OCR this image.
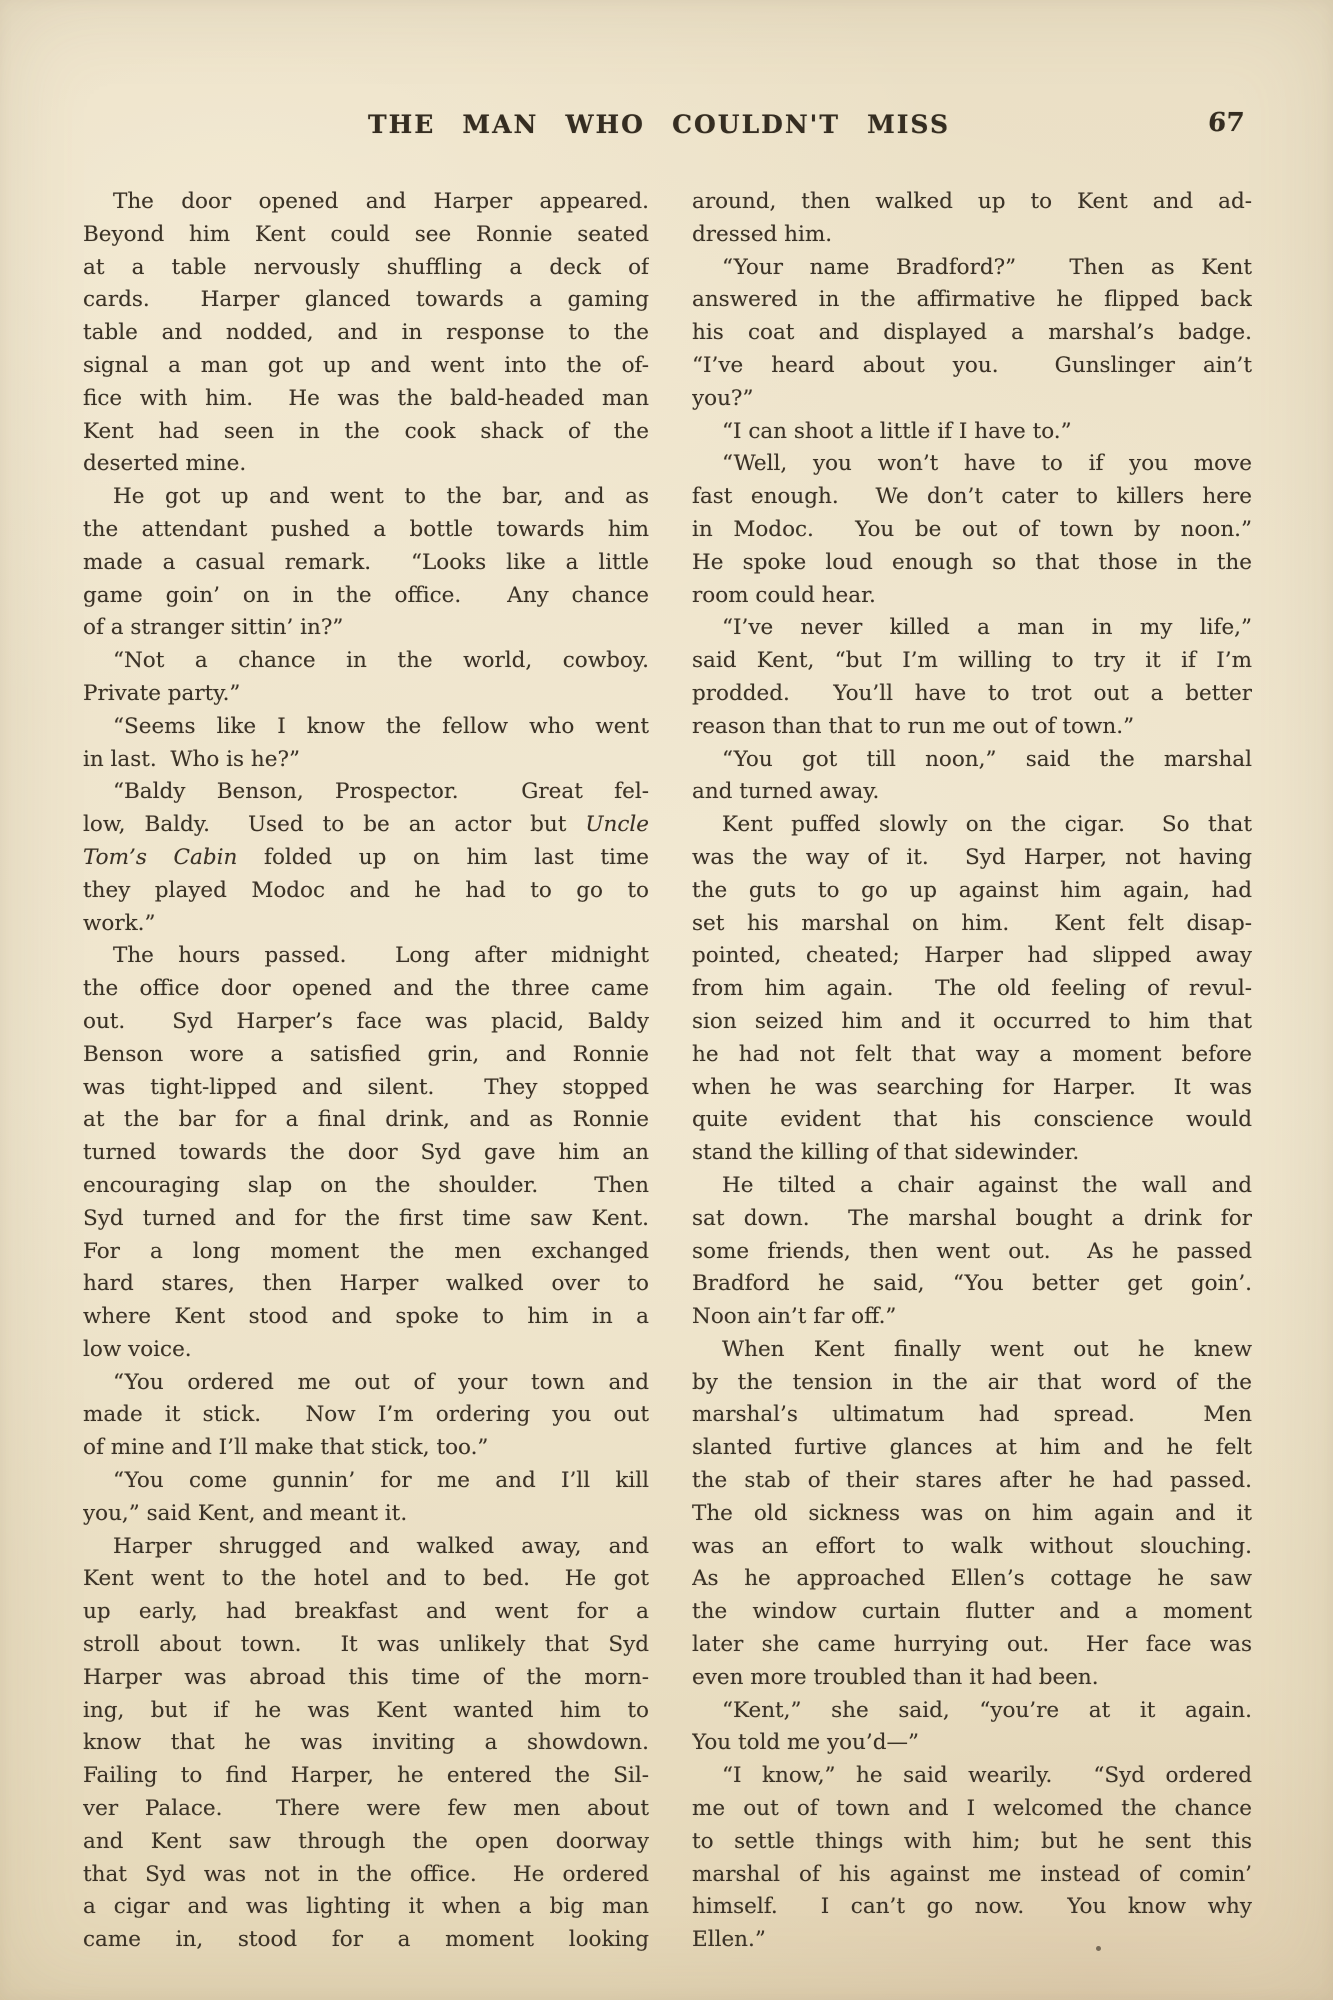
THE MAN WHO COULDN'T MISS	67
The door opened and Harper appeared.
Beyond him Kent could see Ronnie seated
at a table nervously shuffling a deck of
cards.  Harper glanced towards a gaming
table and nodded, and in response to the
signal a man got up and went into the of-
fice with him.  He was the bald-headed man
Kent had seen in the cook shack of the
deserted mine.
He got up and went to the bar, and as
the attendant pushed a bottle towards him
made a casual remark.  “Looks like a little
game goin’ on in the office.  Any chance
of a stranger sittin’ in?”
“Not a chance in the world, cowboy.
Private party.”
“Seems like I know the fellow who went
in last.  Who is he?”
“Baldy Benson, Prospector.  Great fel-
low, Baldy.  Used to be an actor but Uncle
Tom’s Cabin folded up on him last time
they played Modoc and he had to go to
work.”
The hours passed.  Long after midnight
the office door opened and the three came
out.  Syd Harper’s face was placid, Baldy
Benson wore a satisfied grin, and Ronnie
was tight-lipped and silent.  They stopped
at the bar for a final drink, and as Ronnie
turned towards the door Syd gave him an
encouraging slap on the shoulder.  Then
Syd turned and for the first time saw Kent.
For a long moment the men exchanged
hard stares, then Harper walked over to
where Kent stood and spoke to him in a
low voice.
“You ordered me out of your town and
made it stick.  Now I’m ordering you out
of mine and I’ll make that stick, too.”
“You come gunnin’ for me and I’ll kill
you,” said Kent, and meant it.
Harper shrugged and walked away, and
Kent went to the hotel and to bed.  He got
up early, had breakfast and went for a
stroll about town.  It was unlikely that Syd
Harper was abroad this time of the morn-
ing, but if he was Kent wanted him to
know that he was inviting a showdown.
Failing to find Harper, he entered the Sil-
ver Palace.  There were few men about
and Kent saw through the open doorway
that Syd was not in the office.  He ordered
a cigar and was lighting it when a big man
came in, stood for a moment looking
around, then walked up to Kent and ad-
dressed him.
“Your name Bradford?”  Then as Kent
answered in the affirmative he flipped back
his coat and displayed a marshal’s badge.
“I’ve heard about you.  Gunslinger ain’t
you?”
“I can shoot a little if I have to.”
“Well, you won’t have to if you move
fast enough.  We don’t cater to killers here
in Modoc.  You be out of town by noon.”
He spoke loud enough so that those in the
room could hear.
“I’ve never killed a man in my life,”
said Kent, “but I’m willing to try it if I’m
prodded.  You’ll have to trot out a better
reason than that to run me out of town.”
“You got till noon,” said the marshal
and turned away.
Kent puffed slowly on the cigar.  So that
was the way of it.  Syd Harper, not having
the guts to go up against him again, had
set his marshal on him.  Kent felt disap-
pointed, cheated; Harper had slipped away
from him again.  The old feeling of revul-
sion seized him and it occurred to him that
he had not felt that way a moment before
when he was searching for Harper.  It was
quite evident that his conscience would
stand the killing of that sidewinder.
He tilted a chair against the wall and
sat down.  The marshal bought a drink for
some friends, then went out.  As he passed
Bradford he said, “You better get goin’.
Noon ain’t far off.”
When Kent finally went out he knew
by the tension in the air that word of the
marshal’s ultimatum had spread.  Men
slanted furtive glances at him and he felt
the stab of their stares after he had passed.
The old sickness was on him again and it
was an effort to walk without slouching.
As he approached Ellen’s cottage he saw
the window curtain flutter and a moment
later she came hurrying out.  Her face was
even more troubled than it had been.
“Kent,” she said, “you’re at it again.
You told me you’d—”
“I know,” he said wearily.  “Syd ordered
me out of town and I welcomed the chance
to settle things with him; but he sent this
marshal of his against me instead of comin’
himself.  I can’t go now.  You know why
Ellen.”
